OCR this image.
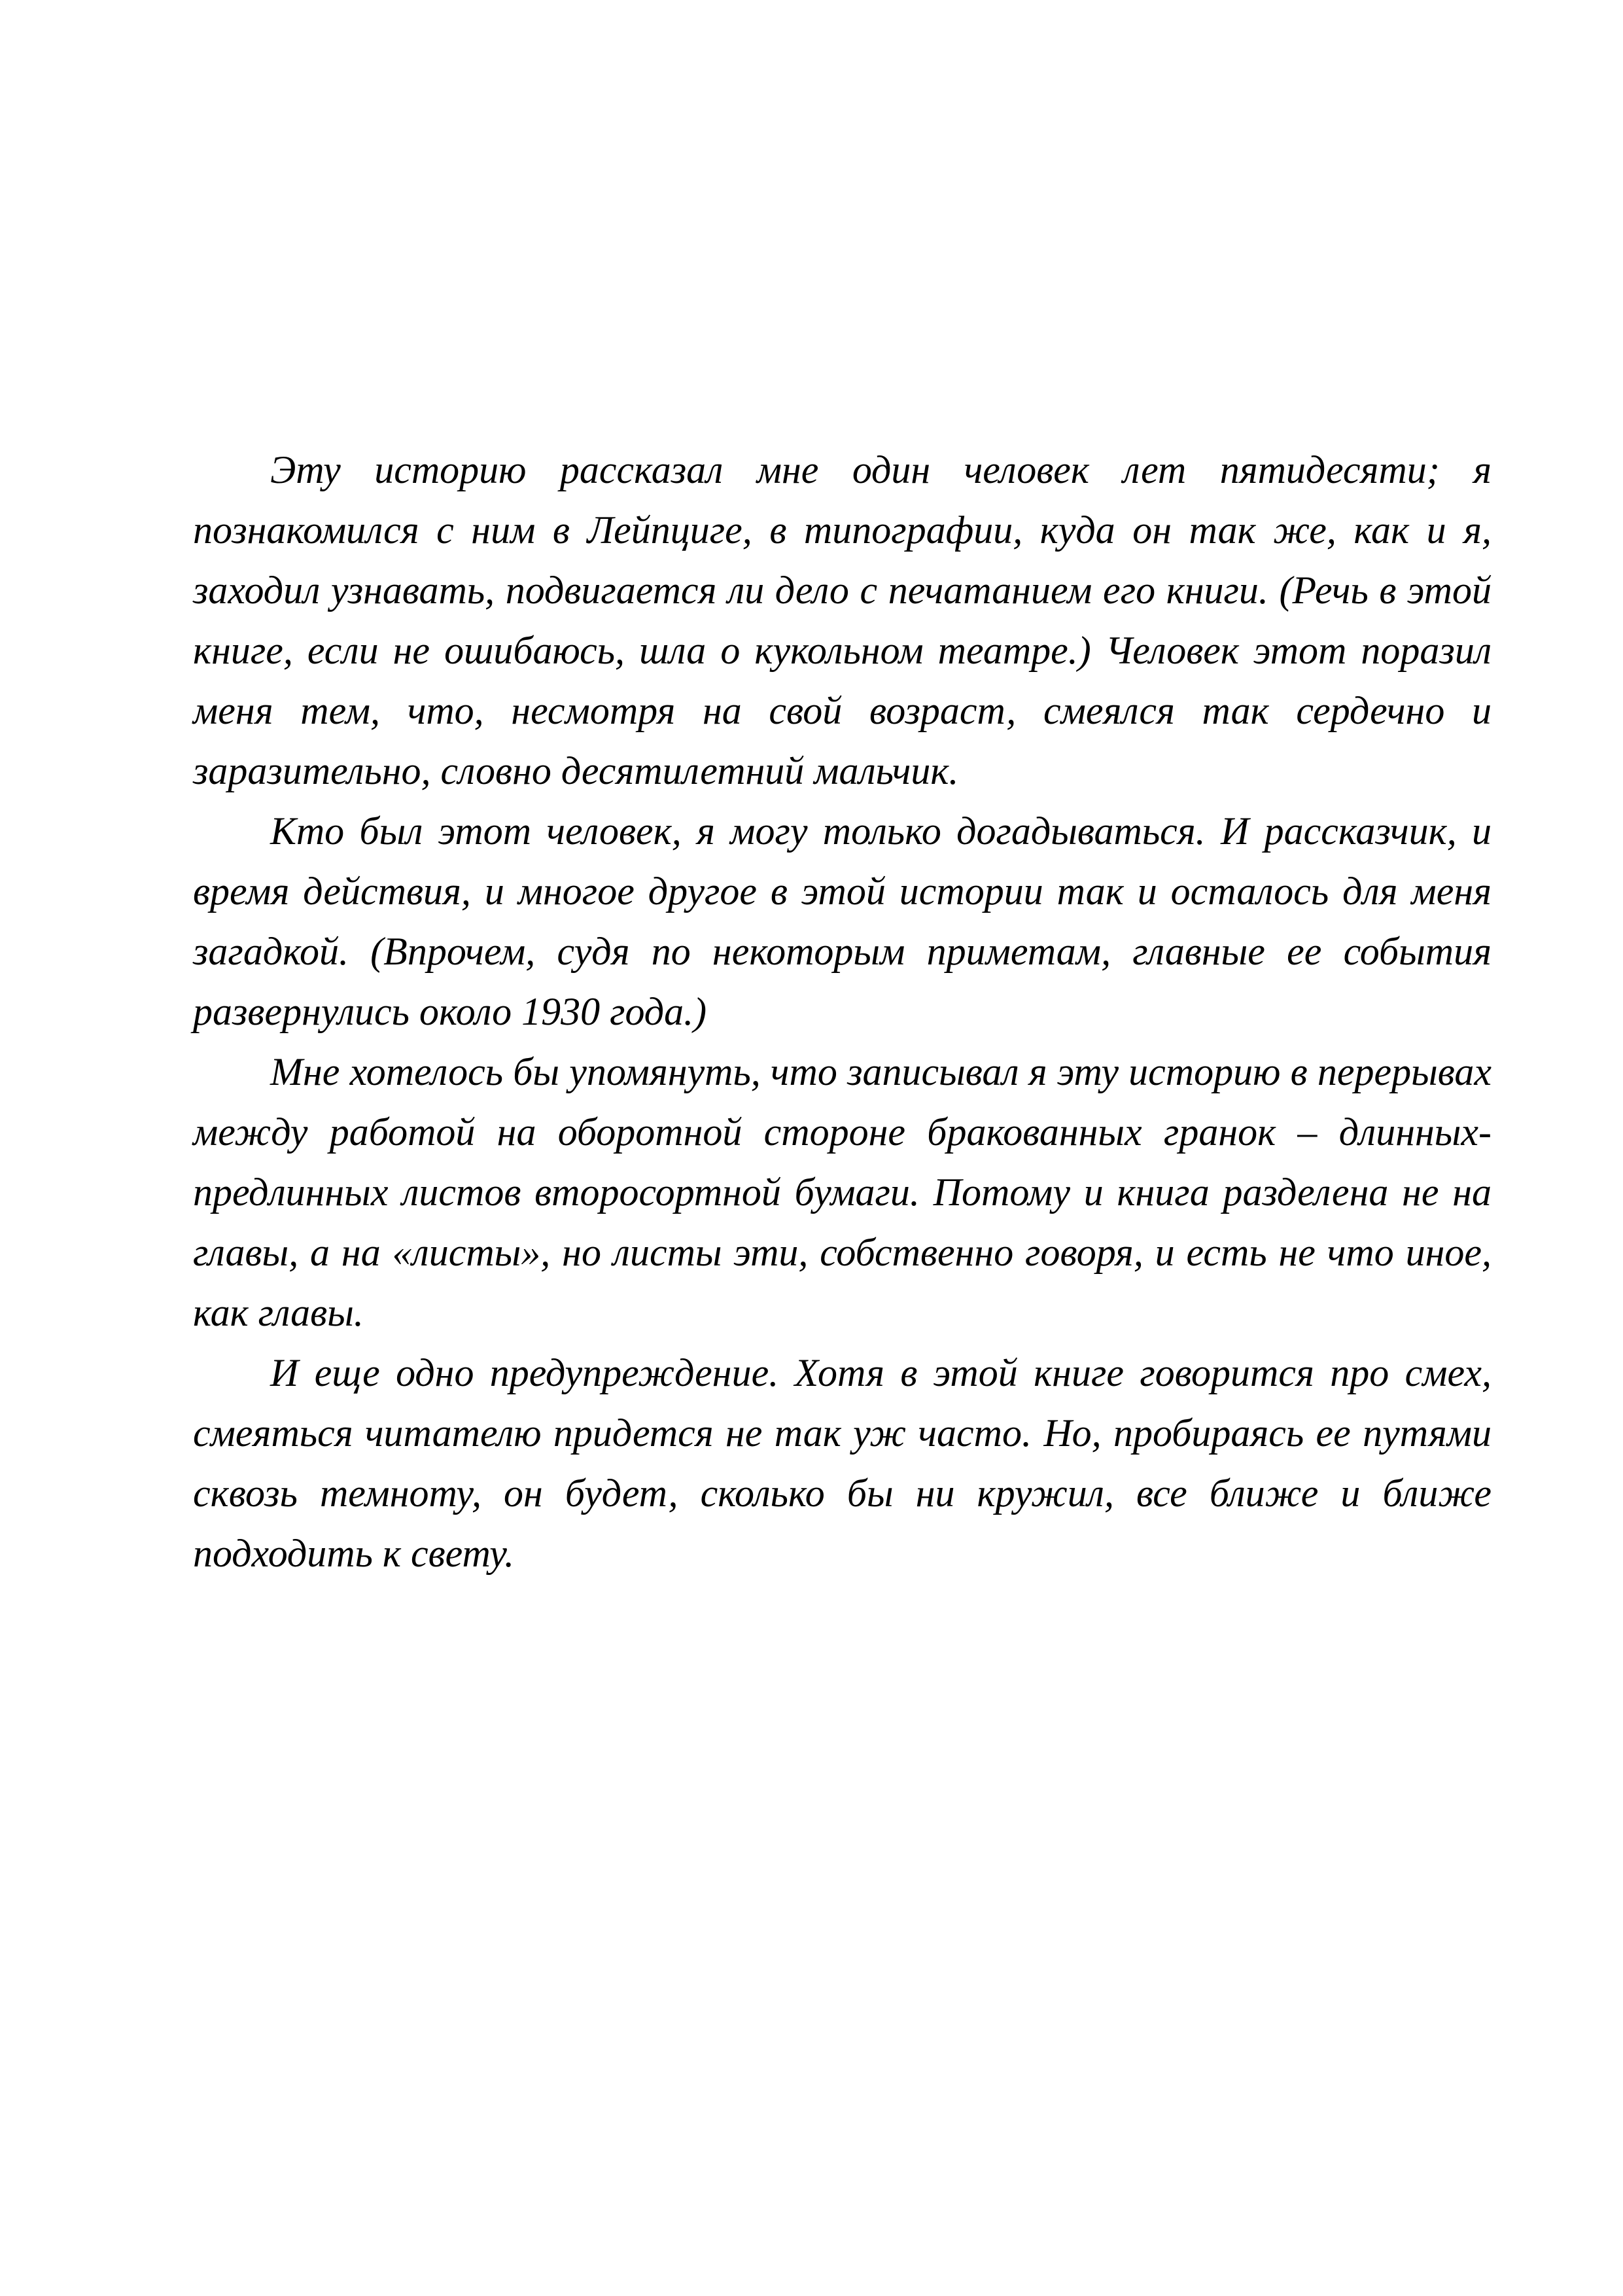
Эту историю рассказал мне один человек лет пятидесяти; я познакомился с ним в Лейпциге, в типографии, куда он так же, как и я, заходил узнавать, подвигается ли дело с печатанием его книги. (Речь в этой книге, если не ошибаюсь, шла о кукольном театре.) Человек этот поразил меня тем, что, несмотря на свой возраст, смеялся так сердечно и заразительно, словно десятилетний мальчик.

Кто был этот человек, я могу только догадываться. И рассказчик, и время действия, и многое другое в этой истории так и осталось для меня загадкой. (Впрочем, судя по некоторым приметам, главные ее события развернулись около 1930 года.)

Мне хотелось бы упомянуть, что записывал я эту историю в перерывах между работой на оборотной стороне бракованных гранок – длинных-предлинных листов второсортной бумаги. Потому и книга разделена не на главы, а на «листы», но листы эти, собственно говоря, и есть не что иное, как главы.

И еще одно предупреждение. Хотя в этой книге говорится про смех, смеяться читателю придется не так уж часто. Но, пробираясь ее путями сквозь темноту, он будет, сколько бы ни кружил, все ближе и ближе подходить к свету.
